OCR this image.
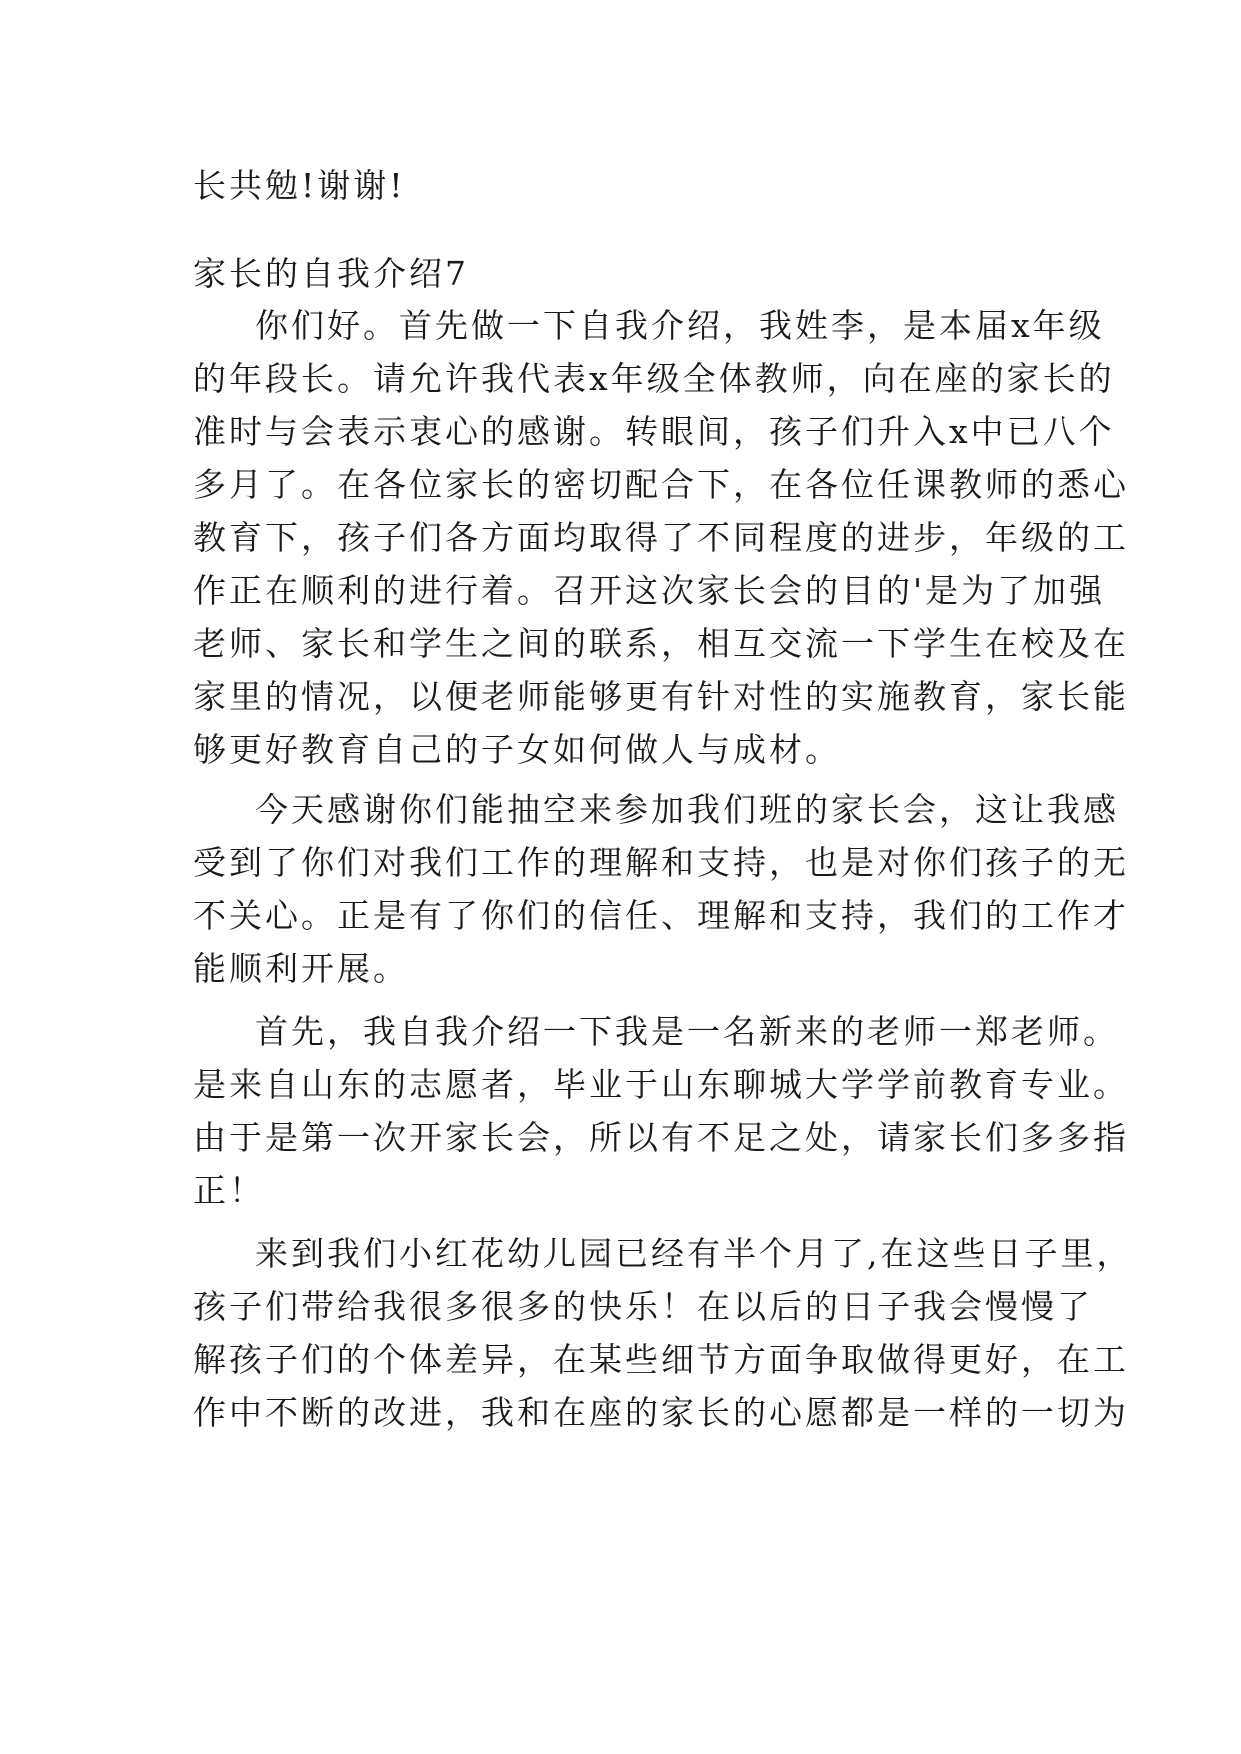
长共勉!谢谢!
家长的自我介绍7
你们好。首先做一下自我介绍，我姓李，是本届x年级
的年段长。请允许我代表x年级全体教师，向在座的家长的
准时与会表示衷心的感谢。转眼间，孩子们升入x中已八个
多月了。在各位家长的密切配合下，在各位任课教师的悉心
教育下，孩子们各方面均取得了不同程度的进步，年级的工
作正在顺利的进行着。召开这次家长会的目的'是为了加强
老师、家长和学生之间的联系，相互交流一下学生在校及在
家里的情况，以便老师能够更有针对性的实施教育，家长能
够更好教育自己的子女如何做人与成材。
今天感谢你们能抽空来参加我们班的家长会，这让我感
受到了你们对我们工作的理解和支持，也是对你们孩子的无
不关心。正是有了你们的信任、理解和支持，我们的工作才
能顺利开展。
首先，我自我介绍一下我是一名新来的老师一郑老师。
是来自山东的志愿者，毕业于山东聊城大学学前教育专业。
由于是第一次开家长会，所以有不足之处，请家长们多多指
正！
来到我们小红花幼儿园已经有半个月了,在这些日子里，
孩子们带给我很多很多的快乐！在以后的日子我会慢慢了
解孩子们的个体差异，在某些细节方面争取做得更好，在工
作中不断的改进，我和在座的家长的心愿都是一样的一切为
